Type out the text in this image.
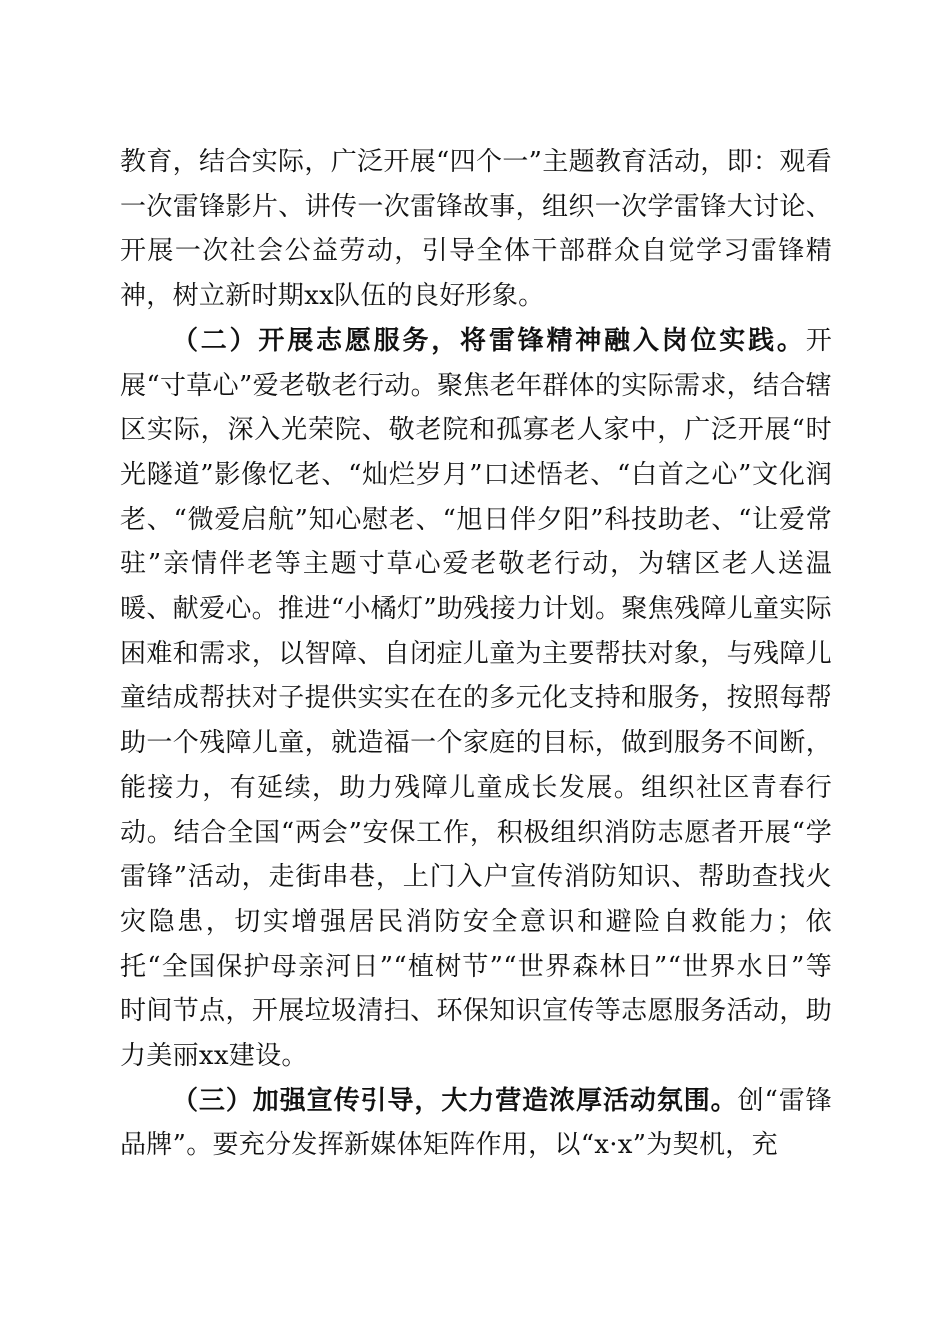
教育，结合实际，广泛开展“四个一”主题教育活动，即：观看一次雷锋影片、讲传一次雷锋故事，组织一次学雷锋大讨论、开展一次社会公益劳动，引导全体干部群众自觉学习雷锋精神，树立新时期xx队伍的良好形象。

（二）开展志愿服务，将雷锋精神融入岗位实践。开展“寸草心”爱老敬老行动。聚焦老年群体的实际需求，结合辖区实际，深入光荣院、敬老院和孤寡老人家中，广泛开展“时光隧道”影像忆老、“灿烂岁月”口述悟老、“白首之心”文化润老、“微爱启航”知心慰老、“旭日伴夕阳”科技助老、“让爱常驻”亲情伴老等主题寸草心爱老敬老行动，为辖区老人送温暖、献爱心。推进“小橘灯”助残接力计划。聚焦残障儿童实际困难和需求，以智障、自闭症儿童为主要帮扶对象，与残障儿童结成帮扶对子提供实实在在的多元化支持和服务，按照每帮助一个残障儿童，就造福一个家庭的目标，做到服务不间断，能接力，有延续，助力残障儿童成长发展。组织社区青春行动。结合全国“两会”安保工作，积极组织消防志愿者开展“学雷锋”活动，走街串巷，上门入户宣传消防知识、帮助查找火灾隐患，切实增强居民消防安全意识和避险自救能力；依托“全国保护母亲河日”“植树节”“世界森林日”“世界水日”等时间节点，开展垃圾清扫、环保知识宣传等志愿服务活动，助力美丽xx建设。

（三）加强宣传引导，大力营造浓厚活动氛围。创“雷锋品牌”。要充分发挥新媒体矩阵作用，以“x·x”为契机，充
